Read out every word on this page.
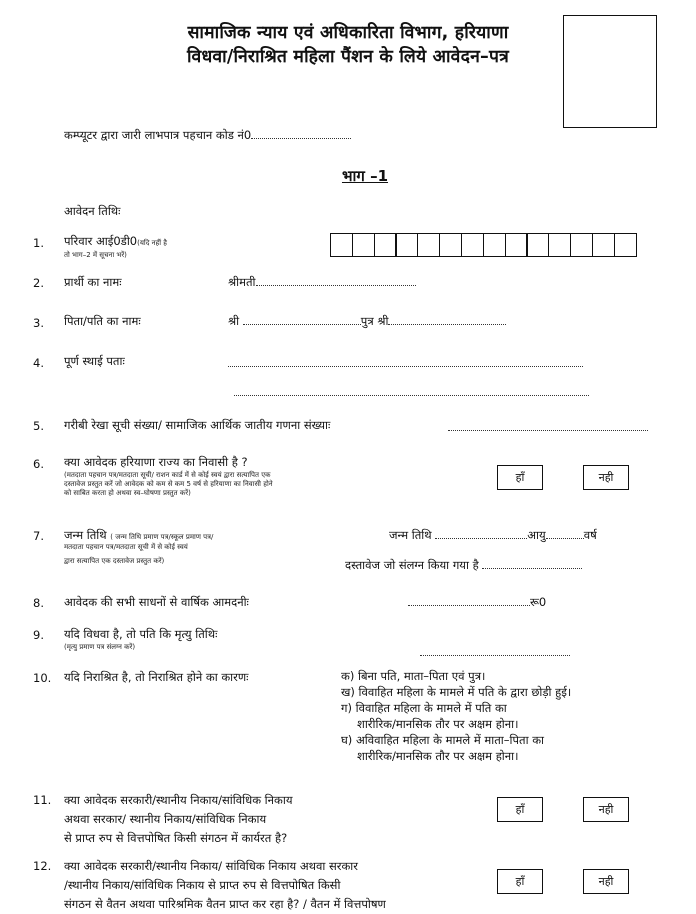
सामाजिक न्याय एवं अधिकारिता विभाग, हरियाणा
विधवा/निराश्रित महिला पैंशन के लिये आवेदन–पत्र
कम्प्यूटर द्वारा जारी लाभपात्र पहचान कोड नं0
भाग –1
आवेदन तिथिः
1. परिवार आई0डी0(यदि नहीं है
तो भाग–2 में सूचना भरें)
2. प्रार्थी का नामः	श्रीमती
3. पिता/पति का नामः	श्री	पुत्र श्री
4. पूर्ण स्थाई पताः
5. गरीबी रेखा सूची संख्या/ सामाजिक आर्थिक जातीय गणना संख्याः
6. क्या आवेदक हरियाणा राज्य का निवासी है ?
(मतदाता पहचान पत्र/मतदाता सूची/ राशन कार्ड में से कोई स्वयं द्वारा सत्यापित एक
दस्तावेज प्रस्तुत करें जो आवेदक को कम से कम 5 वर्ष से हरियाणा का निवासी होने
को साबित करता हो अथवा स्व–घोषणा प्रस्तुत करें)
हाँ	नही
7. जन्म तिथि ( जन्म तिथि प्रमाण पत्र/स्कूल प्रमाण पत्र/
मतदाता पहचान पत्र/मतदाता सूची में से कोई स्वयं
द्वारा सत्यापित एक दस्तावेज प्रस्तुत करें)
जन्म तिथि	आयु	वर्ष
दस्तावेज जो संलग्न किया गया है
8. आवेदक की सभी साधनों से वार्षिक आमदनीः	रू0
9. यदि विधवा है, तो पति कि मृत्यु तिथिः
(मृत्यु प्रमाण पत्र संलग्न करें)
10. यदि निराश्रित है, तो निराश्रित होने का कारणः	क) बिना पति, माता–पिता एवं पुत्र।
ख) विवाहित महिला के मामले में पति के द्वारा छोड़ी हुई।
ग) विवाहित महिला के मामले में पति का
शारीरिक/मानसिक तौर पर अक्षम होना।
घ) अविवाहित महिला के मामले में माता–पिता का
शारीरिक/मानसिक तौर पर अक्षम होना।
11. क्या आवेदक सरकारी/स्थानीय निकाय/सांविधिक निकाय
अथवा सरकार/ स्थानीय निकाय/सांविधिक निकाय
से प्राप्त रुप से वित्तपोषित किसी संगठन में कार्यरत है?
हाँ	नही
12. क्या आवेदक सरकारी/स्थानीय निकाय/ सांविधिक निकाय अथवा सरकार
/स्थानीय निकाय/सांविधिक निकाय से प्राप्त रुप से वित्तपोषित किसी
संगठन से वैतन अथवा पारिश्रमिक वैतन प्राप्त कर रहा है? / वैतन में वित्तपोषण
हाँ	नही
